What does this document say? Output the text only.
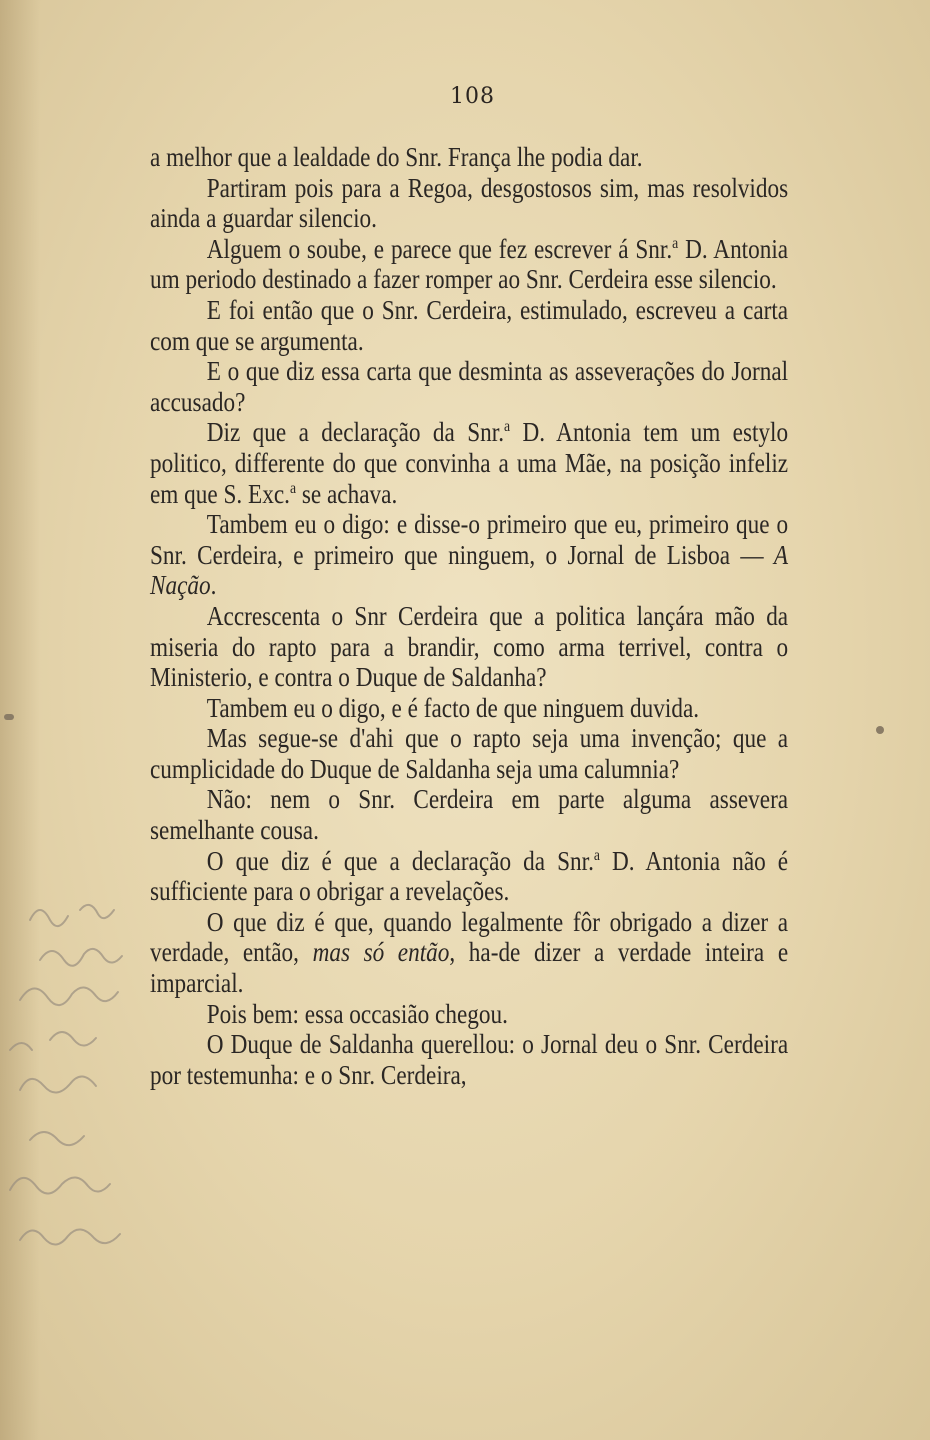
108

a melhor que a lealdade do Snr. França lhe podia dar.

Partiram pois para a Regoa, desgostosos sim, mas resolvidos ainda a guardar silencio.

Alguem o soube, e parece que fez escrever á Snr.$^a$ D. Antonia um periodo destinado a fazer romper ao Snr. Cerdeira esse silencio.

E foi então que o Snr. Cerdeira, estimulado, escreveu a carta com que se argumenta.

E o que diz essa carta que desminta as asseverações do Jornal accusado?

Diz que a declaração da Snr.$^a$ D. Antonia tem um estylo politico, differente do que convinha a uma Mãe, na posição infeliz em que S. Exc.$^a$ se achava.

Tambem eu o digo: e disse-o primeiro que eu, primeiro que o Snr. Cerdeira, e primeiro que ninguem, o Jornal de Lisboa — A Nação.

Accrescenta o Snr Cerdeira que a politica lançára mão da miseria do rapto para a brandir, como arma terrivel, contra o Ministerio, e contra o Duque de Saldanha?

Tambem eu o digo, e é facto de que ninguem duvida.

Mas segue-se d'ahi que o rapto seja uma invenção; que a cumplicidade do Duque de Saldanha seja uma calumnia?

Não: nem o Snr. Cerdeira em parte alguma assevera semelhante cousa.

O que diz é que a declaração da Snr.$^a$ D. Antonia não é sufficiente para o obrigar a revelações.

O que diz é que, quando legalmente fôr obrigado a dizer a verdade, então, mas só então, ha-de dizer a verdade inteira e imparcial.

Pois bem: essa occasião chegou.

O Duque de Saldanha querellou: o Jornal deu o Snr. Cerdeira por testemunha: e o Snr. Cerdeira,
